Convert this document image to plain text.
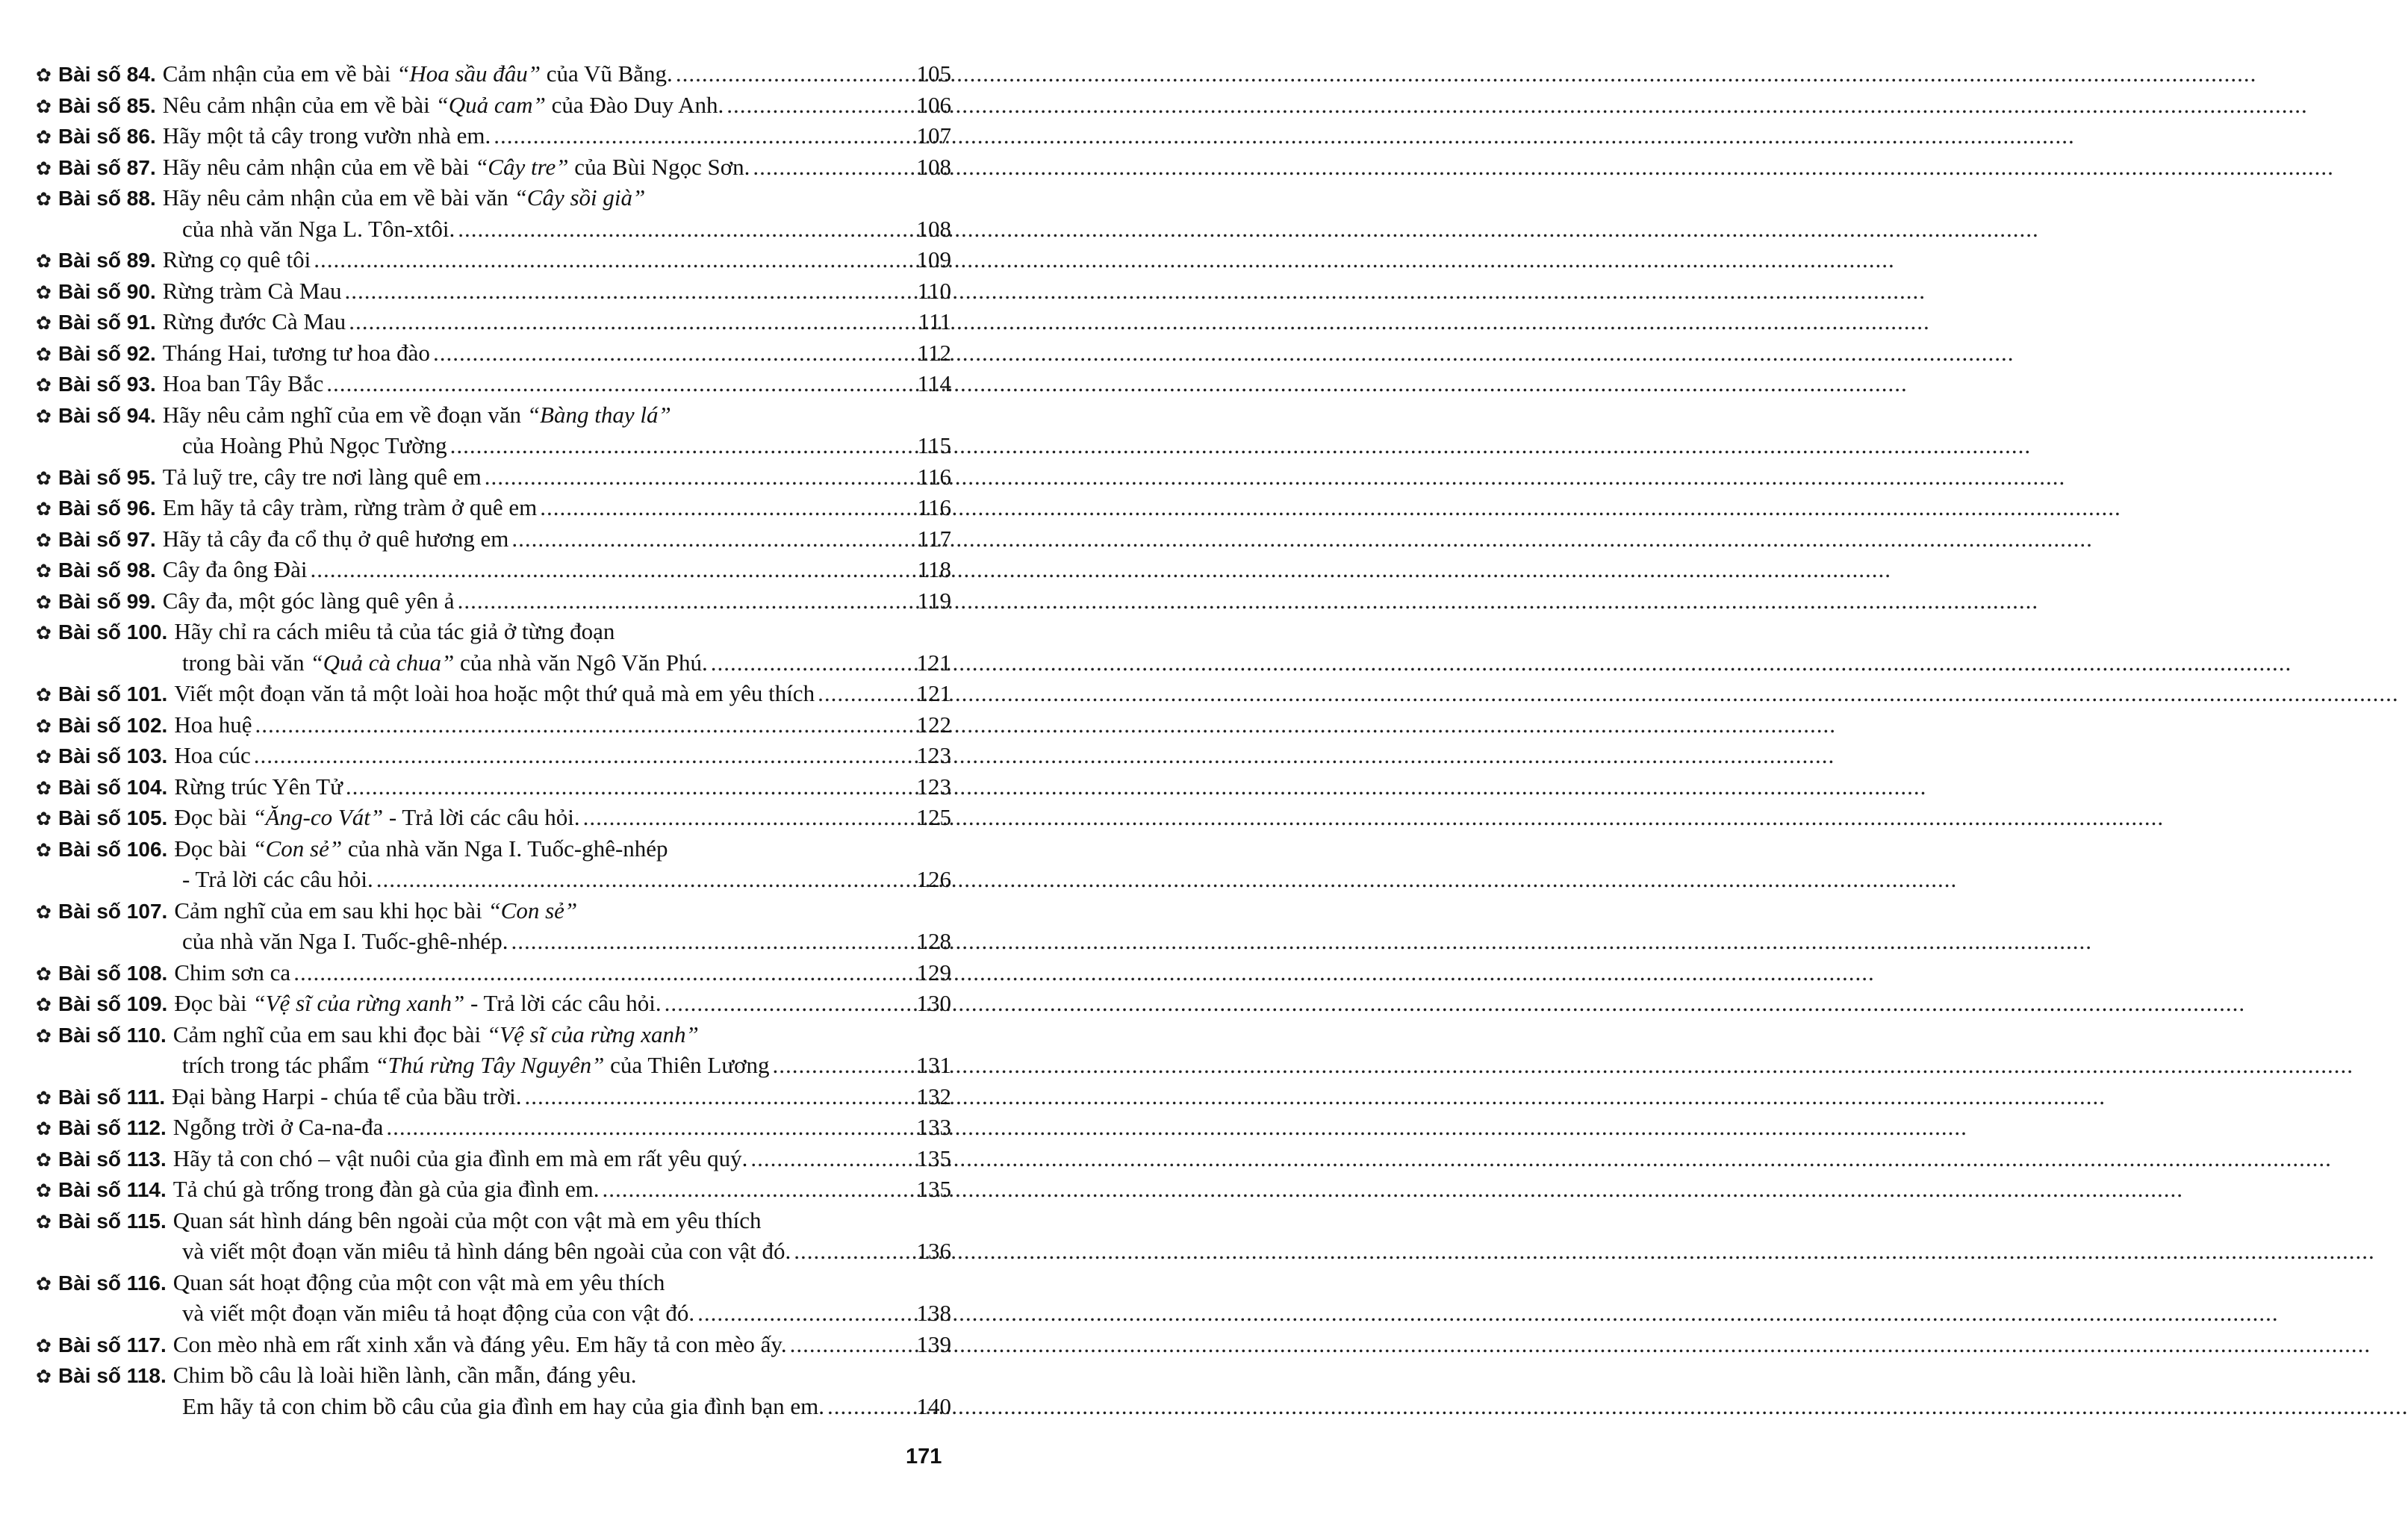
✿ Bài số 84. Cảm nhận của em về bài “Hoa sầu đâu” của Vũ Bằng. .....	105
✿ Bài số 85. Nêu cảm nhận của em về bài “Quả cam” của Đào Duy Anh. .....	106
✿ Bài số 86. Hãy một tả cây trong vườn nhà em. .....	107
✿ Bài số 87. Hãy nêu cảm nhận của em về bài “Cây tre” của Bùi Ngọc Sơn. .....	108
✿ Bài số 88. Hãy nêu cảm nhận của em về bài văn “Cây sồi già”
của nhà văn Nga L. Tôn-xtôi. .....	108
✿ Bài số 89. Rừng cọ quê tôi .....	109
✿ Bài số 90. Rừng tràm Cà Mau .....	110
✿ Bài số 91. Rừng đước Cà Mau .....	111
✿ Bài số 92. Tháng Hai, tương tư hoa đào .....	112
✿ Bài số 93. Hoa ban Tây Bắc .....	114
✿ Bài số 94. Hãy nêu cảm nghĩ của em về đoạn văn “Bàng thay lá”
của Hoàng Phủ Ngọc Tường .....	115
✿ Bài số 95. Tả luỹ tre, cây tre nơi làng quê em .....	116
✿ Bài số 96. Em hãy tả cây tràm, rừng tràm ở quê em .....	116
✿ Bài số 97. Hãy tả cây đa cổ thụ ở quê hương em .....	117
✿ Bài số 98. Cây đa ông Đài .....	118
✿ Bài số 99. Cây đa, một góc làng quê yên ả .....	119
✿ Bài số 100. Hãy chỉ ra cách miêu tả của tác giả ở từng đoạn
trong bài văn “Quả cà chua” của nhà văn Ngô Văn Phú. .....	121
✿ Bài số 101. Viết một đoạn văn tả một loài hoa hoặc một thứ quả mà em yêu thích .....	121
✿ Bài số 102. Hoa huệ .....	122
✿ Bài số 103. Hoa cúc .....	123
✿ Bài số 104. Rừng trúc Yên Tử .....	123
✿ Bài số 105. Đọc bài “Ăng-co Vát” - Trả lời các câu hỏi. .....	125
✿ Bài số 106. Đọc bài “Con sẻ” của nhà văn Nga I. Tuốc-ghê-nhép
- Trả lời các câu hỏi. .....	126
✿ Bài số 107. Cảm nghĩ của em sau khi học bài “Con sẻ”
của nhà văn Nga I. Tuốc-ghê-nhép. .....	128
✿ Bài số 108. Chim sơn ca .....	129
✿ Bài số 109. Đọc bài “Vệ sĩ của rừng xanh” - Trả lời các câu hỏi. .....	130
✿ Bài số 110. Cảm nghĩ của em sau khi đọc bài “Vệ sĩ của rừng xanh”
trích trong tác phẩm “Thú rừng Tây Nguyên” của Thiên Lương .....	131
✿ Bài số 111. Đại bàng Harpi - chúa tể của bầu trời. .....	132
✿ Bài số 112. Ngỗng trời ở Ca-na-đa .....	133
✿ Bài số 113. Hãy tả con chó – vật nuôi của gia đình em mà em rất yêu quý. .....	135
✿ Bài số 114. Tả chú gà trống trong đàn gà của gia đình em. .....	135
✿ Bài số 115. Quan sát hình dáng bên ngoài của một con vật mà em yêu thích
và viết một đoạn văn miêu tả hình dáng bên ngoài của con vật đó. .....	136
✿ Bài số 116. Quan sát hoạt động của một con vật mà em yêu thích
và viết một đoạn văn miêu tả hoạt động của con vật đó. .....	138
✿ Bài số 117. Con mèo nhà em rất xinh xắn và đáng yêu. Em hãy tả con mèo ấy. .....	139
✿ Bài số 118. Chim bồ câu là loài hiền lành, cần mẫn, đáng yêu.
Em hãy tả con chim bồ câu của gia đình em hay của gia đình bạn em. .....	140
171
